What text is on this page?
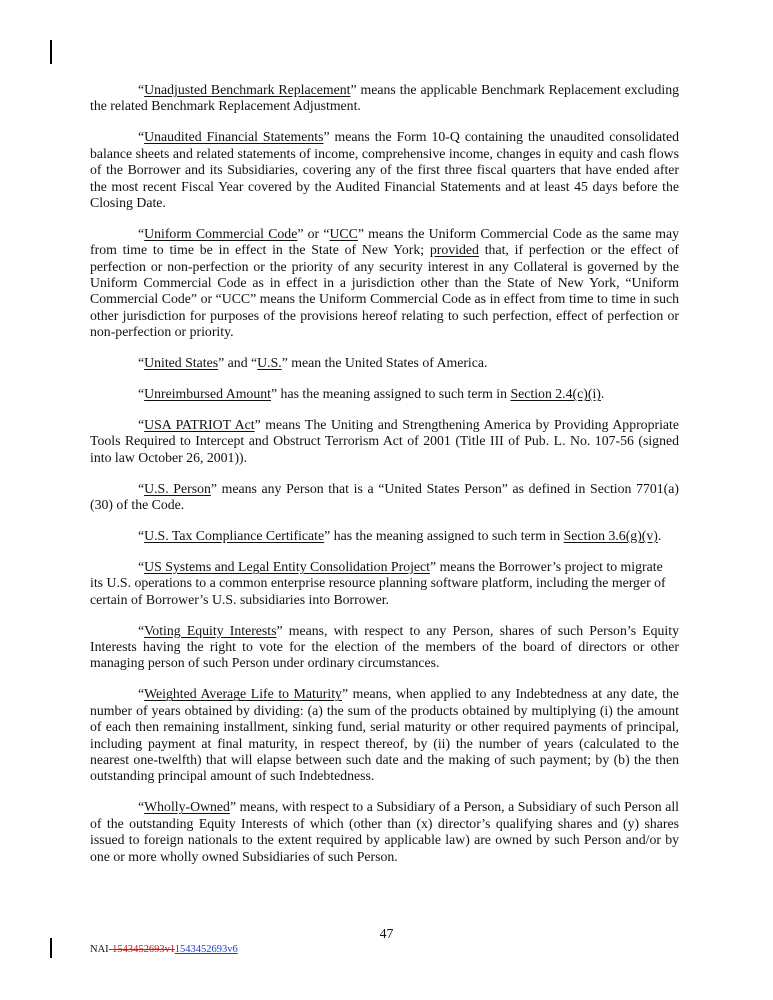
“Unadjusted Benchmark Replacement” means the applicable Benchmark Replacement excluding the related Benchmark Replacement Adjustment.

“Unaudited Financial Statements” means the Form 10-Q containing the unaudited consolidated balance sheets and related statements of income, comprehensive income, changes in equity and cash flows of the Borrower and its Subsidiaries, covering any of the first three fiscal quarters that have ended after the most recent Fiscal Year covered by the Audited Financial Statements and at least 45 days before the Closing Date.

“Uniform Commercial Code” or “UCC” means the Uniform Commercial Code as the same may from time to time be in effect in the State of New York; provided that, if perfection or the effect of perfection or non-perfection or the priority of any security interest in any Collateral is governed by the Uniform Commercial Code as in effect in a jurisdiction other than the State of New York, “Uniform Commercial Code” or “UCC” means the Uniform Commercial Code as in effect from time to time in such other jurisdiction for purposes of the provisions hereof relating to such perfection, effect of perfection or non-perfection or priority.

“United States” and “U.S.” mean the United States of America.

“Unreimbursed Amount” has the meaning assigned to such term in Section 2.4(c)(i).

“USA PATRIOT Act” means The Uniting and Strengthening America by Providing Appropriate Tools Required to Intercept and Obstruct Terrorism Act of 2001 (Title III of Pub. L. No. 107-56 (signed into law October 26, 2001)).

“U.S. Person” means any Person that is a “United States Person” as defined in Section 7701(a)(30) of the Code.

“U.S. Tax Compliance Certificate” has the meaning assigned to such term in Section 3.6(g)(v).

“US Systems and Legal Entity Consolidation Project” means the Borrower’s project to migrate its U.S. operations to a common enterprise resource planning software platform, including the merger of certain of Borrower’s U.S. subsidiaries into Borrower.

“Voting Equity Interests” means, with respect to any Person, shares of such Person’s Equity Interests having the right to vote for the election of the members of the board of directors or other managing person of such Person under ordinary circumstances.

“Weighted Average Life to Maturity” means, when applied to any Indebtedness at any date, the number of years obtained by dividing: (a) the sum of the products obtained by multiplying (i) the amount of each then remaining installment, sinking fund, serial maturity or other required payments of principal, including payment at final maturity, in respect thereof, by (ii) the number of years (calculated to the nearest one-twelfth) that will elapse between such date and the making of such payment; by (b) the then outstanding principal amount of such Indebtedness.

“Wholly-Owned” means, with respect to a Subsidiary of a Person, a Subsidiary of such Person all of the outstanding Equity Interests of which (other than (x) director’s qualifying shares and (y) shares issued to foreign nationals to the extent required by applicable law) are owned by such Person and/or by one or more wholly owned Subsidiaries of such Person.

47
NAI-1543452693v11543452693v6
